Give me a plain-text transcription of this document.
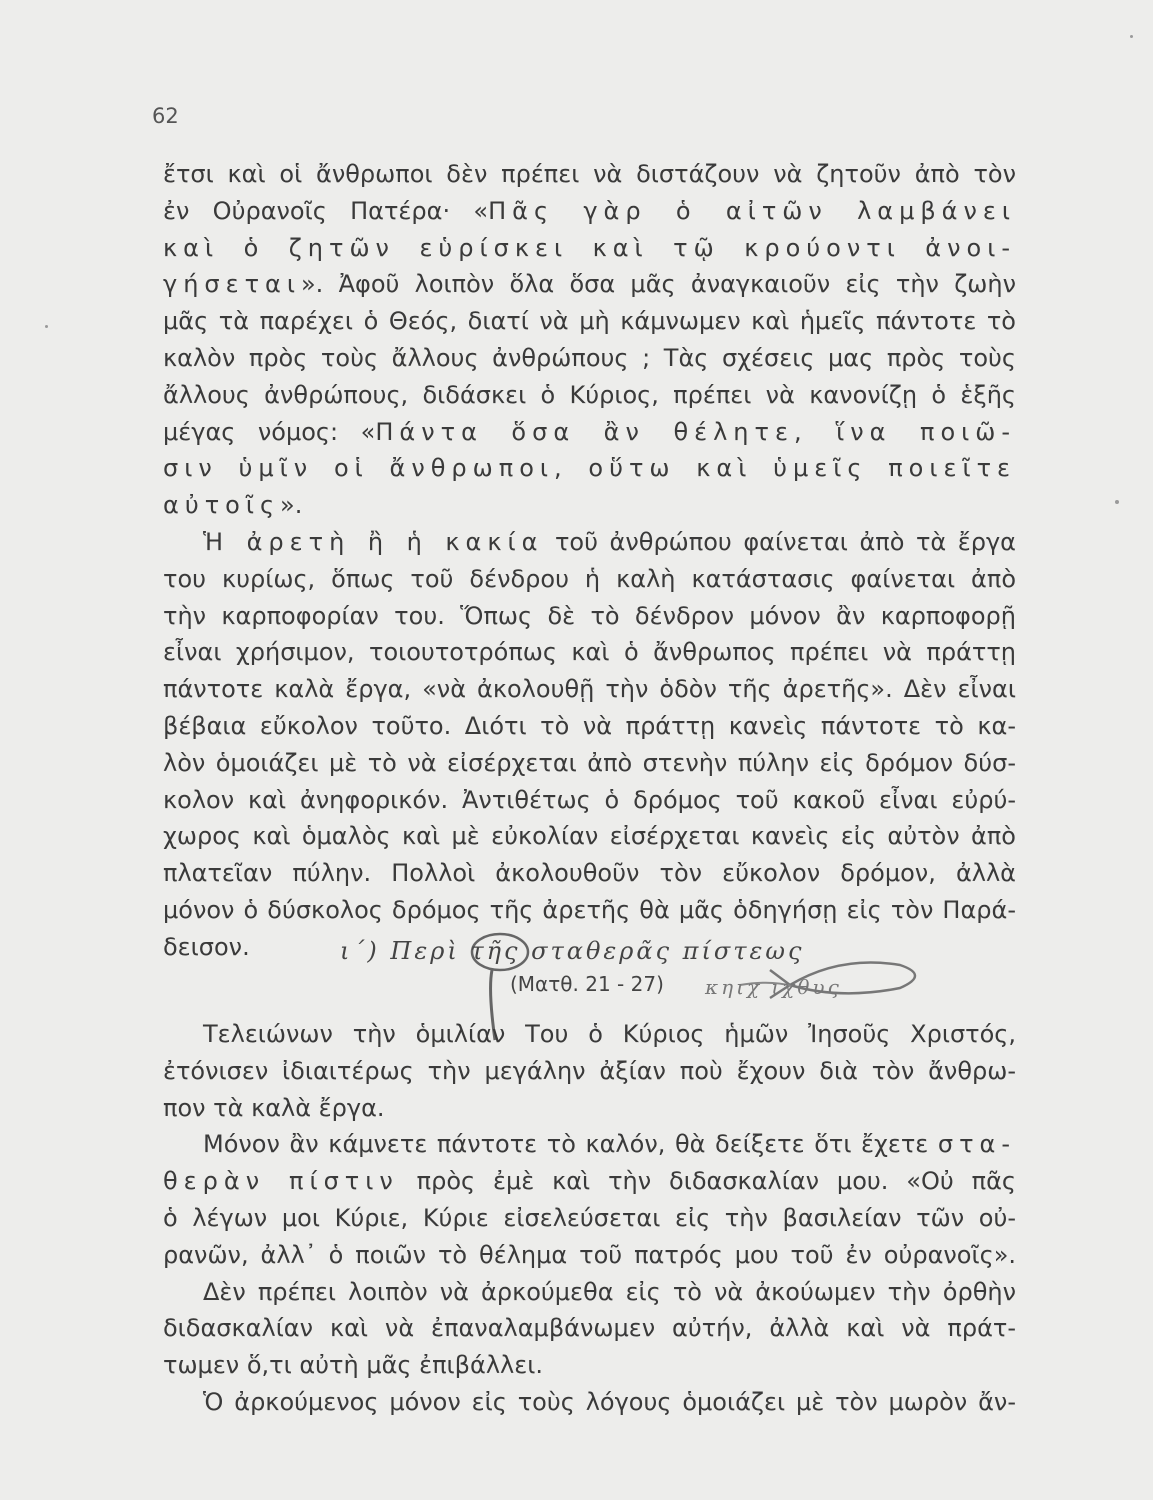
62
ἔτσι καὶ οἱ ἄνθρωποι δὲν πρέπει νὰ διστάζουν νὰ ζητοῦν ἀπὸ τὸν
ἐν Οὐρανοῖς Πατέρα· «Πᾶς γὰρ ὁ αἰτῶν λαμβάνει
καὶ ὁ ζητῶν εὑρίσκει καὶ τῷ κρούοντι ἀνοι-
γήσεται». Ἀφοῦ λοιπὸν ὅλα ὅσα μᾶς ἀναγκαιοῦν εἰς τὴν ζωὴν
μᾶς τὰ παρέχει ὁ Θεός, διατί νὰ μὴ κάμνωμεν καὶ ἡμεῖς πάντοτε τὸ
καλὸν πρὸς τοὺς ἄλλους ἀνθρώπους ; Τὰς σχέσεις μας πρὸς τοὺς
ἄλλους ἀνθρώπους, διδάσκει ὁ Κύριος, πρέπει νὰ κανονίζῃ ὁ ἑξῆς
μέγας νόμος: «Πάντα ὅσα ἂν θέλητε, ἵνα ποιῶ-
σιν ὑμῖν οἱ ἄνθρωποι, οὕτω καὶ ὑμεῖς ποιεῖτε
αὐτοῖς».
Ἡ ἀρετὴ ἢ ἡ κακία τοῦ ἀνθρώπου φαίνεται ἀπὸ τὰ ἔργα
του κυρίως, ὅπως τοῦ δένδρου ἡ καλὴ κατάστασις φαίνεται ἀπὸ
τὴν καρποφορίαν του. Ὅπως δὲ τὸ δένδρον μόνον ἂν καρποφορῇ
εἶναι χρήσιμον, τοιουτοτρόπως καὶ ὁ ἄνθρωπος πρέπει νὰ πράττῃ
πάντοτε καλὰ ἔργα, «νὰ ἀκολουθῇ τὴν ὁδὸν τῆς ἀρετῆς». Δὲν εἶναι
βέβαια εὔκολον τοῦτο. Διότι τὸ νὰ πράττῃ κανεὶς πάντοτε τὸ κα-
λὸν ὁμοιάζει μὲ τὸ νὰ εἰσέρχεται ἀπὸ στενὴν πύλην εἰς δρόμον δύσ-
κολον καὶ ἀνηφορικόν. Ἀντιθέτως ὁ δρόμος τοῦ κακοῦ εἶναι εὐρύ-
χωρος καὶ ὁμαλὸς καὶ μὲ εὐκολίαν εἰσέρχεται κανεὶς εἰς αὐτὸν ἀπὸ
πλατεῖαν πύλην. Πολλοὶ ἀκολουθοῦν τὸν εὔκολον δρόμον, ἀλλὰ
μόνον ὁ δύσκολος δρόμος τῆς ἀρετῆς θὰ μᾶς ὁδηγήσῃ εἰς τὸν Παρά-
δεισον.	ι΄) Περὶ τῆς σταθερᾶς πίστεως
(Ματθ. 21 - 27) κηιχ ιχθυς
Τελειώνων τὴν ὁμιλίαν Του ὁ Κύριος ἡμῶν Ἰησοῦς Χριστός,
ἐτόνισεν ἰδιαιτέρως τὴν μεγάλην ἀξίαν ποὺ ἔχουν διὰ τὸν ἄνθρω-
πον τὰ καλὰ ἔργα.
Μόνον ἂν κάμνετε πάντοτε τὸ καλόν, θὰ δείξετε ὅτι ἔχετε στα-
θερὰν πίστιν πρὸς ἐμὲ καὶ τὴν διδασκαλίαν μου. «Οὐ πᾶς
ὁ λέγων μοι Κύριε, Κύριε εἰσελεύσεται εἰς τὴν βασιλείαν τῶν οὐ-
ρανῶν, ἀλλ᾽ ὁ ποιῶν τὸ θέλημα τοῦ πατρός μου τοῦ ἐν οὐρανοῖς».
Δὲν πρέπει λοιπὸν νὰ ἀρκούμεθα εἰς τὸ νὰ ἀκούωμεν τὴν ὀρθὴν
διδασκαλίαν καὶ νὰ ἐπαναλαμβάνωμεν αὐτήν, ἀλλὰ καὶ νὰ πράτ-
τωμεν ὅ,τι αὐτὴ μᾶς ἐπιβάλλει.
Ὁ ἀρκούμενος μόνον εἰς τοὺς λόγους ὁμοιάζει μὲ τὸν μωρὸν ἄν-
